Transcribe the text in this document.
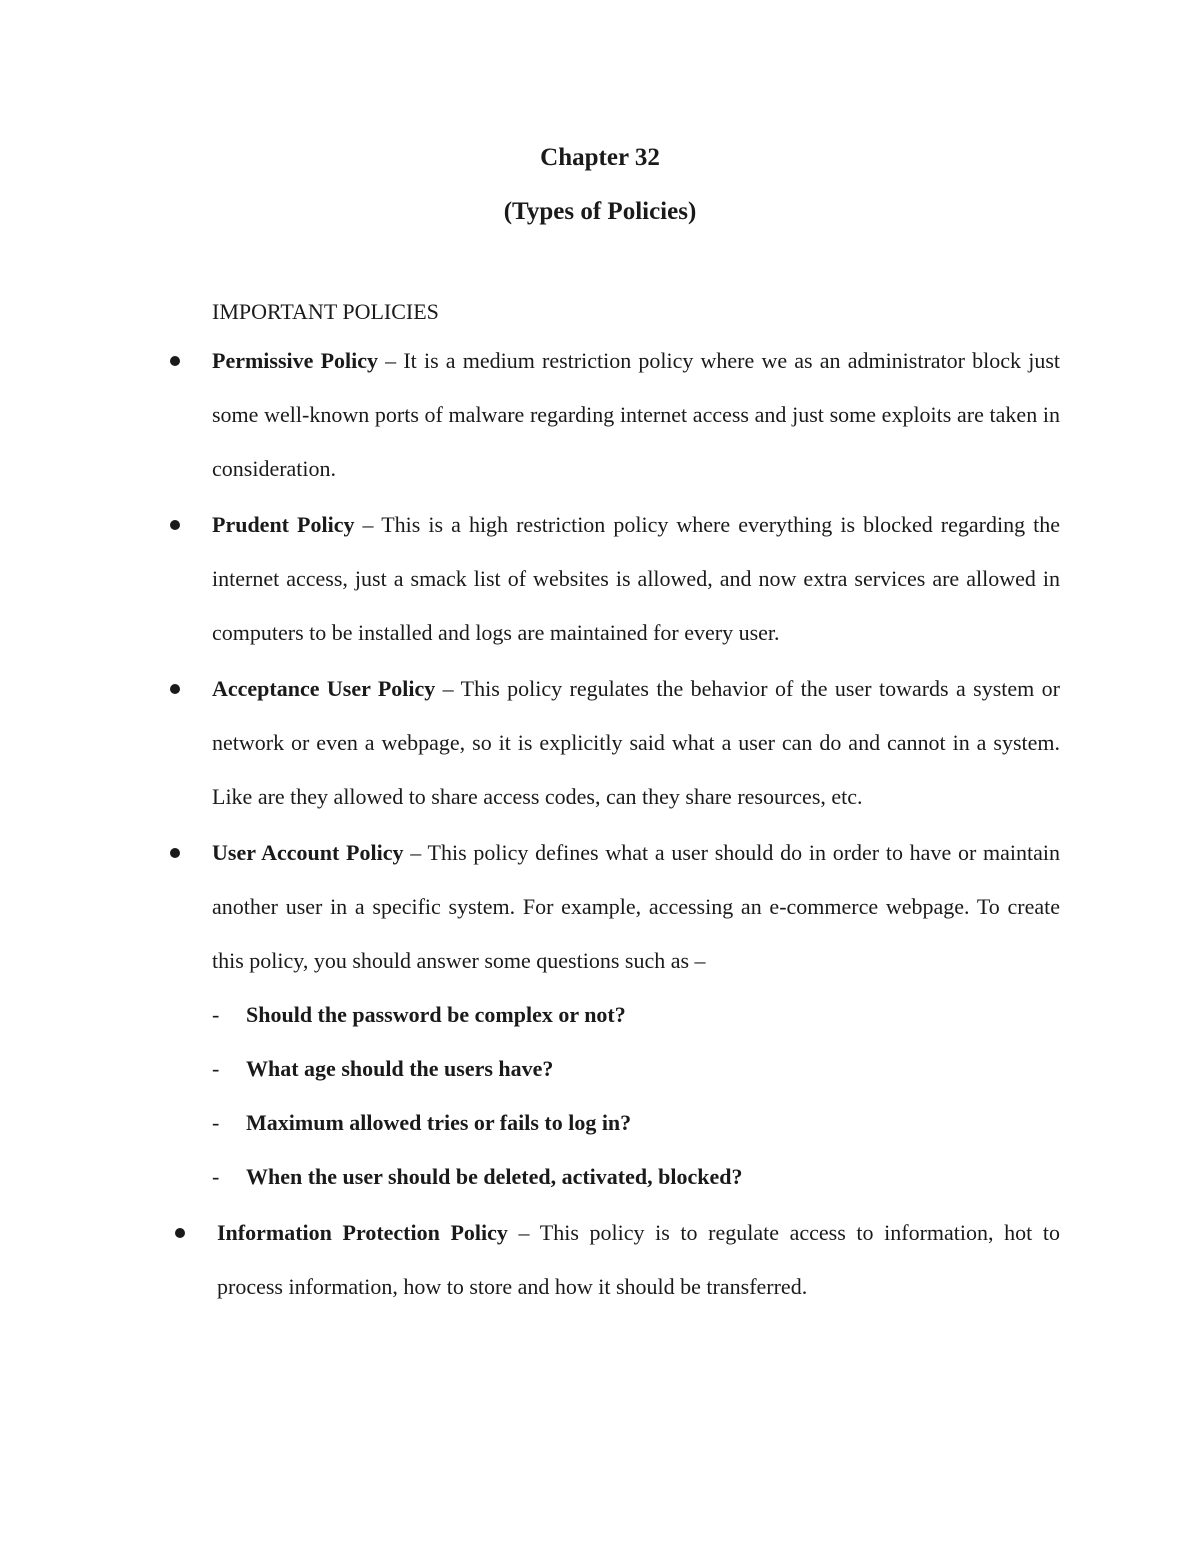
Chapter 32
(Types of Policies)

IMPORTANT POLICIES

Permissive Policy – It is a medium restriction policy where we as an administrator block just some well-known ports of malware regarding internet access and just some exploits are taken in consideration.
Prudent Policy – This is a high restriction policy where everything is blocked regarding the internet access, just a smack list of websites is allowed, and now extra services are allowed in computers to be installed and logs are maintained for every user.
Acceptance User Policy – This policy regulates the behavior of the user towards a system or network or even a webpage, so it is explicitly said what a user can do and cannot in a system. Like are they allowed to share access codes, can they share resources, etc.
User Account Policy – This policy defines what a user should do in order to have or maintain another user in a specific system. For example, accessing an e-commerce webpage. To create this policy, you should answer some questions such as –
Information Protection Policy – This policy is to regulate access to information, hot to process information, how to store and how it should be transferred.
- Should the password be complex or not?
- What age should the users have?
- Maximum allowed tries or fails to log in?
- When the user should be deleted, activated, blocked?
